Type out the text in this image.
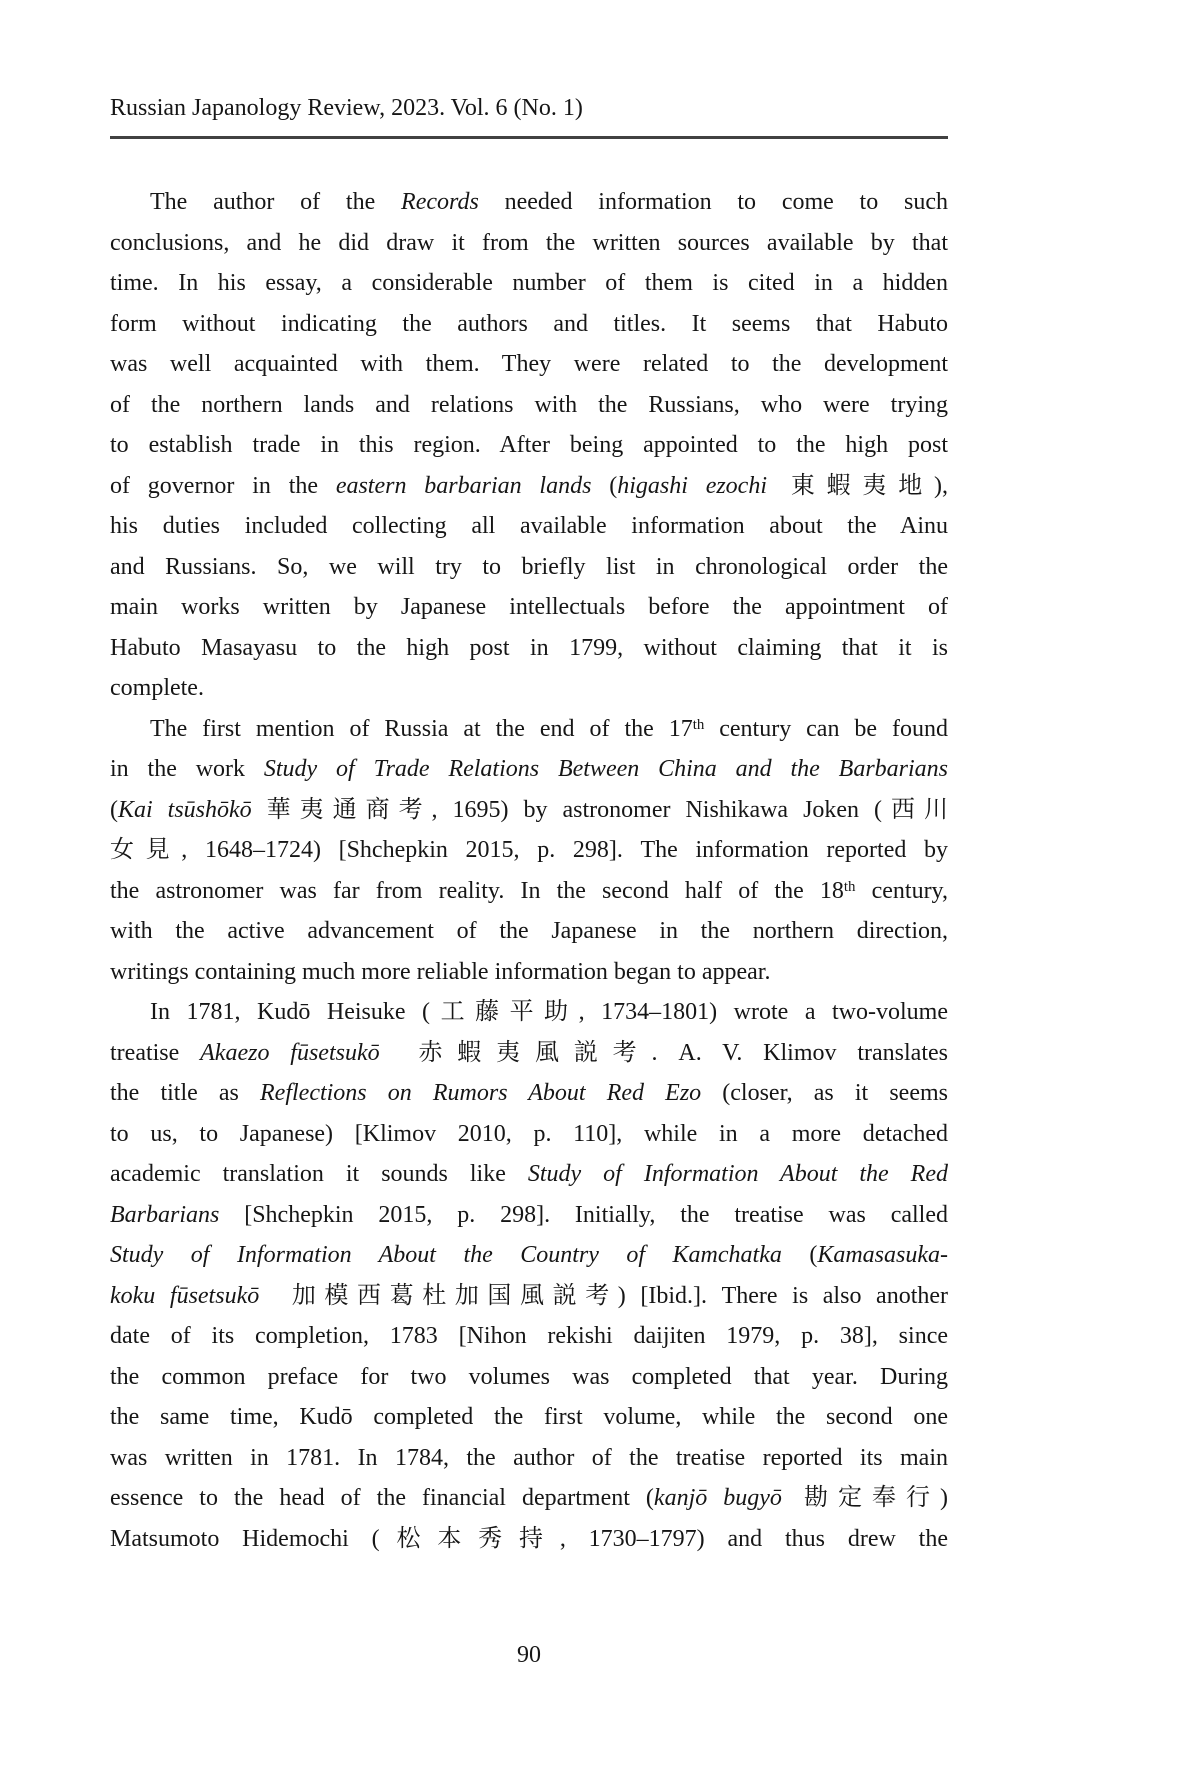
Russian Japanology Review, 2023. Vol. 6 (No. 1)
The author of the Records needed information to come to such
conclusions, and he did draw it from the written sources available by that
time. In his essay, a considerable number of them is cited in a hidden
form without indicating the authors and titles. It seems that Habuto
was well acquainted with them. They were related to the development
of the northern lands and relations with the Russians, who were trying
to establish trade in this region. After being appointed to the high post
of governor in the eastern barbarian lands (higashi ezochi 東蝦夷地),
his duties included collecting all available information about the Ainu
and Russians. So, we will try to briefly list in chronological order the
main works written by Japanese intellectuals before the appointment of
Habuto Masayasu to the high post in 1799, without claiming that it is
complete.
The first mention of Russia at the end of the 17th century can be found
in the work Study of Trade Relations Between China and the Barbarians
(Kai tsūshōkō 華夷通商考, 1695) by astronomer Nishikawa Joken (西川
女見, 1648–1724) [Shchepkin 2015, p. 298]. The information reported by
the astronomer was far from reality. In the second half of the 18th century,
with the active advancement of the Japanese in the northern direction,
writings containing much more reliable information began to appear.
In 1781, Kudō Heisuke (工藤平助, 1734–1801) wrote a two-volume
treatise Akaezo fūsetsukō 赤蝦夷風説考. A. V. Klimov translates
the title as Reflections on Rumors About Red Ezo (closer, as it seems
to us, to Japanese) [Klimov 2010, p. 110], while in a more detached
academic translation it sounds like Study of Information About the Red
Barbarians [Shchepkin 2015, p. 298]. Initially, the treatise was called
Study of Information About the Country of Kamchatka (Kamasasuka-
koku fūsetsukō 加模西葛杜加国風説考) [Ibid.]. There is also another
date of its completion, 1783 [Nihon rekishi daijiten 1979, p. 38], since
the common preface for two volumes was completed that year. During
the same time, Kudō completed the first volume, while the second one
was written in 1781. In 1784, the author of the treatise reported its main
essence to the head of the financial department (kanjō bugyō 勘定奉行)
Matsumoto Hidemochi (松本秀持, 1730–1797) and thus drew the
90
